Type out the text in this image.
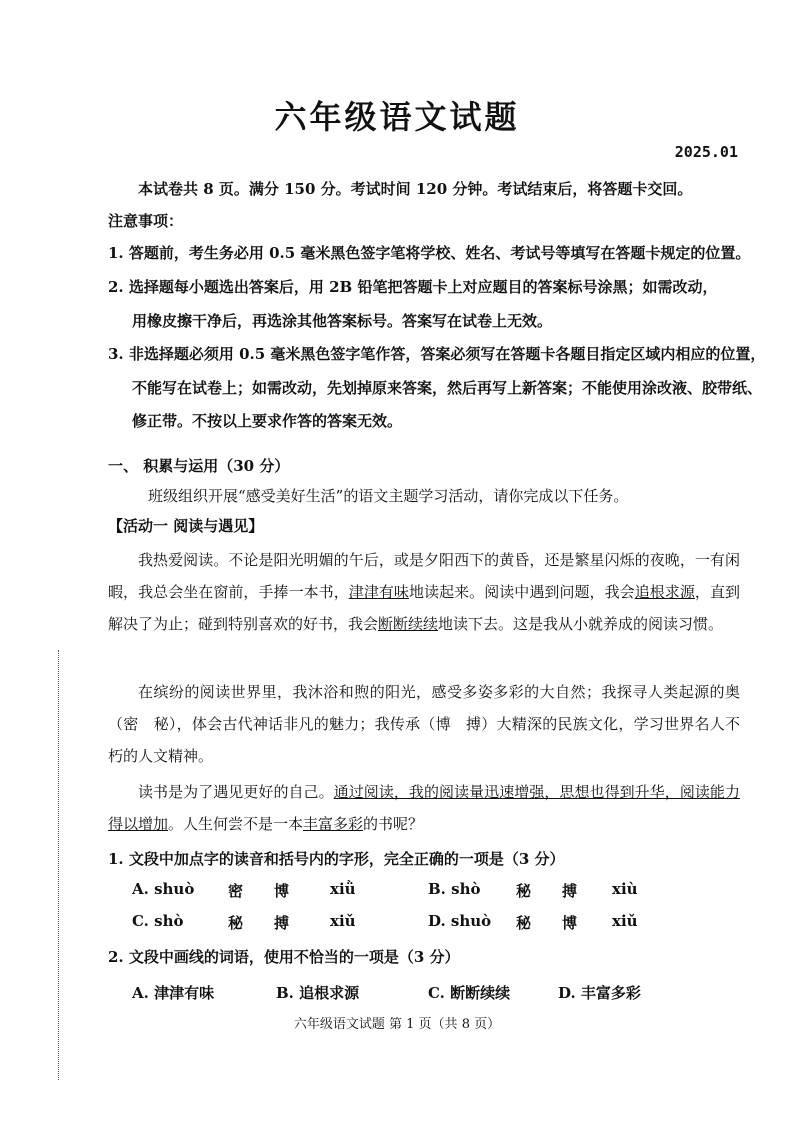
六年级语文试题
2025.01
本试卷共 8 页。满分 150 分。考试时间 120 分钟。考试结束后，将答题卡交回。
注意事项：
1. 答题前，考生务必用 0.5 毫米黑色签字笔将学校、姓名、考试号等填写在答题卡规定的位置。
2. 选择题每小题选出答案后，用 2B 铅笔把答题卡上对应题目的答案标号涂黑；如需改动，
用橡皮擦干净后，再选涂其他答案标号。答案写在试卷上无效。
3. 非选择题必须用 0.5 毫米黑色签字笔作答，答案必须写在答题卡各题目指定区域内相应的位置，
不能写在试卷上；如需改动，先划掉原来答案，然后再写上新答案；不能使用涂改液、胶带纸、
修正带。不按以上要求作答的答案无效。
一、 积累与运用（30 分）
班级组织开展“感受美好生活”的语文主题学习活动，请你完成以下任务。
【活动一 阅读与遇见】
我热爱阅读。不论是阳光明媚的午后，或是夕阳西下的黄昏，还是繁星闪烁的夜晚，一有闲暇，我总会坐在窗前，手捧一本书，津津有味地读起来。阅读中遇到问题，我会追根求源，直到解决了为止；碰到特别喜欢的好书，我会断断续续地读下去。这是我从小就养成的阅读习惯。
在缤纷的阅读世界里，我沐浴和煦的阳光，感受多姿多彩的大自然；我探寻人类起源的奥（密　秘），体会古代神话非凡的魅力；我传承（博　搏）大精深的民族文化，学习世界名人不朽的人文精神。
读书是为了遇见更好的自己。通过阅读，我的阅读量迅速增强，思想也得到升华，阅读能力得以增加。人生何尝不是一本丰富多彩的书呢？
1. 文段中加点字的读音和括号内的字形，完全正确的一项是（3 分）
A. shuò 密 博	xiǜ	B. shò 秘 搏 xiù
C. shò	秘 搏	xiǔ	D. shuò 秘 博 xiǔ
2. 文段中画线的词语，使用不恰当的一项是（3 分）
A. 津津有味	B. 追根求源	C. 断断续续	D. 丰富多彩
六年级语文试题 第 1 页（共 8 页）
